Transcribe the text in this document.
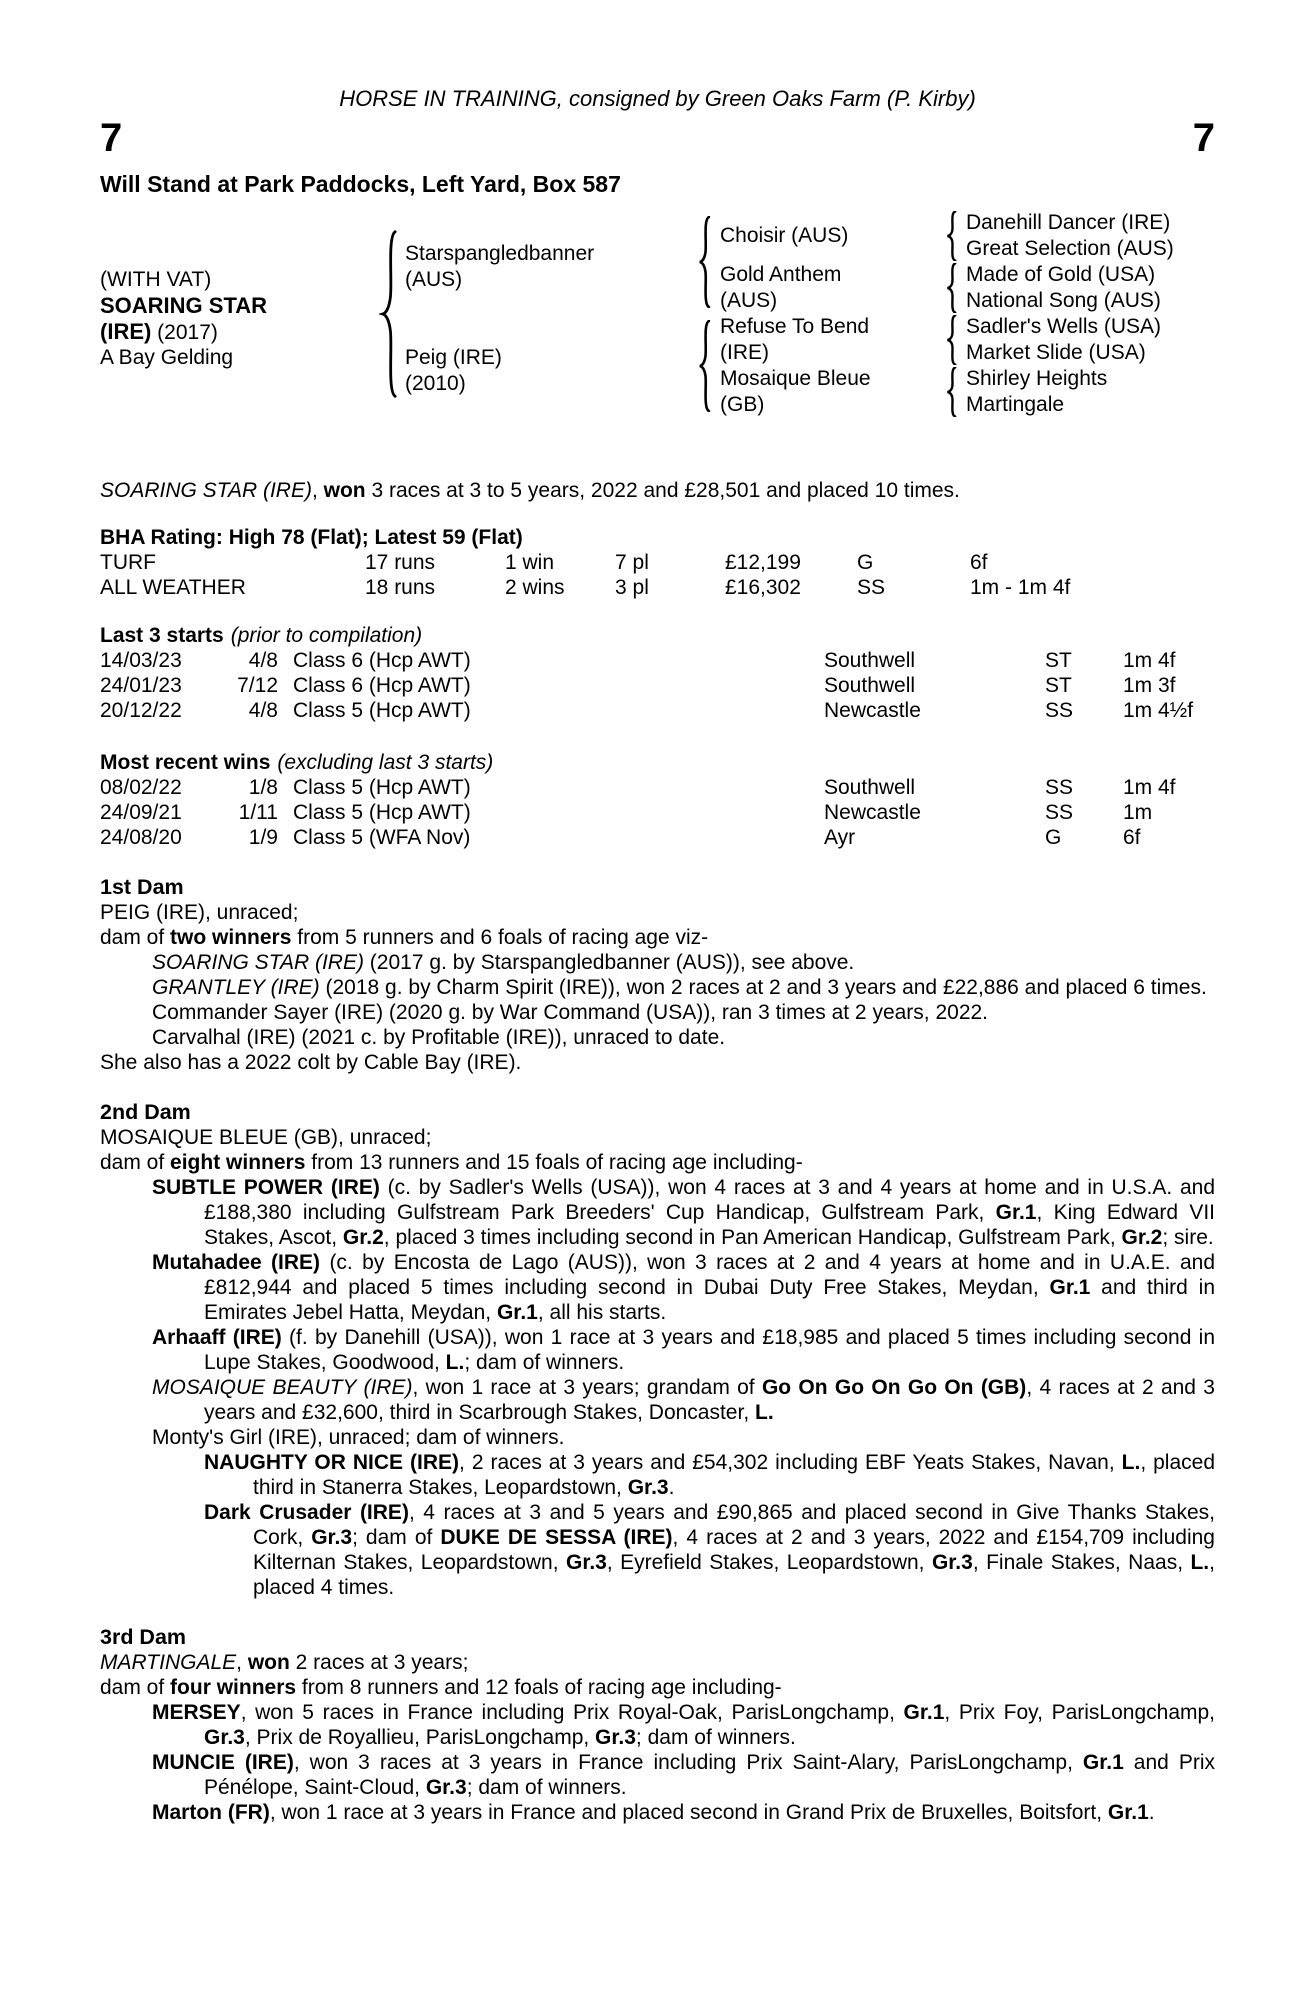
HORSE IN TRAINING, consigned by Green Oaks Farm (P. Kirby)
7	7
Will Stand at Park Paddocks, Left Yard, Box 587
(WITH VAT)
SOARING STAR
(IRE) (2017)
A Bay Gelding
Starspangledbanner
(AUS)
Peig (IRE)
(2010)
Choisir (AUS)
Gold Anthem
(AUS)
Refuse To Bend
(IRE)
Mosaique Bleue
(GB)
Danehill Dancer (IRE)
Great Selection (AUS)
Made of Gold (USA)
National Song (AUS)
Sadler's Wells (USA)
Market Slide (USA)
Shirley Heights
Martingale
SOARING STAR (IRE), won 3 races at 3 to 5 years, 2022 and £28,501 and placed 10 times.
BHA Rating: High 78 (Flat); Latest 59 (Flat)
TURF	17 runs	1 win	7 pl	£12,199	G	6f
ALL WEATHER	18 runs	2 wins 3 pl	£16,302	SS	1m - 1m 4f
Last 3 starts (prior to compilation)
14/03/23	4/8 Class 6 (Hcp AWT)	Southwell	ST 1m 4f
24/01/23	7/12 Class 6 (Hcp AWT)	Southwell	ST 1m 3f
20/12/22	4/8 Class 5 (Hcp AWT)	Newcastle	SS 1m 4½f
Most recent wins (excluding last 3 starts)
08/02/22	1/8 Class 5 (Hcp AWT)	Southwell	SS 1m 4f
24/09/21	1/11 Class 5 (Hcp AWT)	Newcastle	SS 1m
24/08/20	1/9 Class 5 (WFA Nov)	Ayr	G	6f
1st Dam
PEIG (IRE), unraced;
dam of two winners from 5 runners and 6 foals of racing age viz-
SOARING STAR (IRE) (2017 g. by Starspangledbanner (AUS)), see above.
GRANTLEY (IRE) (2018 g. by Charm Spirit (IRE)), won 2 races at 2 and 3 years and £22,886 and placed 6 times.
Commander Sayer (IRE) (2020 g. by War Command (USA)), ran 3 times at 2 years, 2022.
Carvalhal (IRE) (2021 c. by Profitable (IRE)), unraced to date.
She also has a 2022 colt by Cable Bay (IRE).
2nd Dam
MOSAIQUE BLEUE (GB), unraced;
dam of eight winners from 13 runners and 15 foals of racing age including-
SUBTLE POWER (IRE) (c. by Sadler's Wells (USA)), won 4 races at 3 and 4 years at home and in U.S.A. and £188,380 including Gulfstream Park Breeders' Cup Handicap, Gulfstream Park, Gr.1, King Edward VII Stakes, Ascot, Gr.2, placed 3 times including second in Pan American Handicap, Gulfstream Park, Gr.2; sire.
Mutahadee (IRE) (c. by Encosta de Lago (AUS)), won 3 races at 2 and 4 years at home and in U.A.E. and £812,944 and placed 5 times including second in Dubai Duty Free Stakes, Meydan, Gr.1 and third in Emirates Jebel Hatta, Meydan, Gr.1, all his starts.
Arhaaff (IRE) (f. by Danehill (USA)), won 1 race at 3 years and £18,985 and placed 5 times including second in Lupe Stakes, Goodwood, L.; dam of winners.
MOSAIQUE BEAUTY (IRE), won 1 race at 3 years; grandam of Go On Go On Go On (GB), 4 races at 2 and 3 years and £32,600, third in Scarbrough Stakes, Doncaster, L.
Monty's Girl (IRE), unraced; dam of winners.
NAUGHTY OR NICE (IRE), 2 races at 3 years and £54,302 including EBF Yeats Stakes, Navan, L., placed third in Stanerra Stakes, Leopardstown, Gr.3.
Dark Crusader (IRE), 4 races at 3 and 5 years and £90,865 and placed second in Give Thanks Stakes, Cork, Gr.3; dam of DUKE DE SESSA (IRE), 4 races at 2 and 3 years, 2022 and £154,709 including Kilternan Stakes, Leopardstown, Gr.3, Eyrefield Stakes, Leopardstown, Gr.3, Finale Stakes, Naas, L., placed 4 times.
3rd Dam
MARTINGALE, won 2 races at 3 years;
dam of four winners from 8 runners and 12 foals of racing age including-
MERSEY, won 5 races in France including Prix Royal-Oak, ParisLongchamp, Gr.1, Prix Foy, ParisLongchamp, Gr.3, Prix de Royallieu, ParisLongchamp, Gr.3; dam of winners.
MUNCIE (IRE), won 3 races at 3 years in France including Prix Saint-Alary, ParisLongchamp, Gr.1 and Prix Pénélope, Saint-Cloud, Gr.3; dam of winners.
Marton (FR), won 1 race at 3 years in France and placed second in Grand Prix de Bruxelles, Boitsfort, Gr.1.
